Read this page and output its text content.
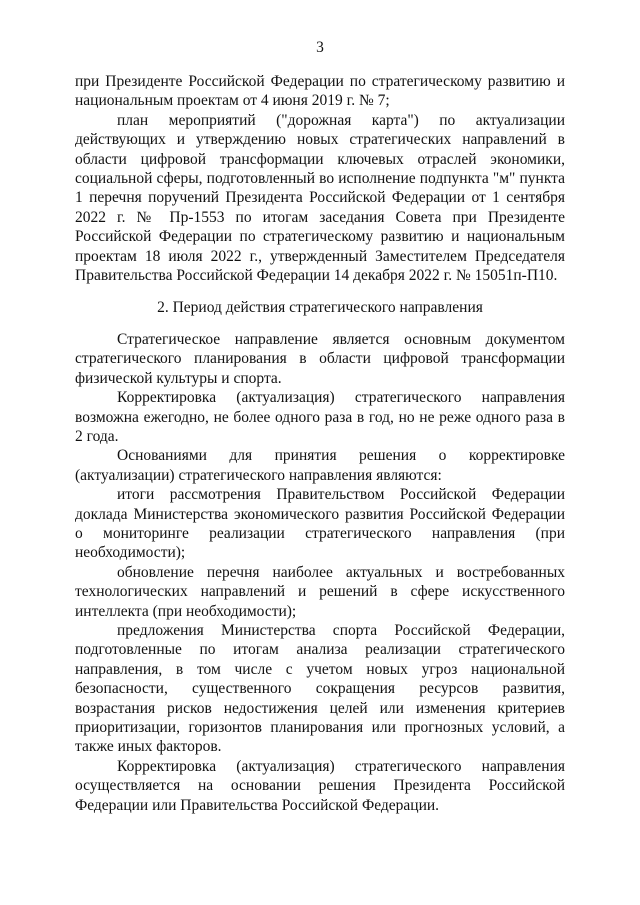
3

при Президенте Российской Федерации по стратегическому развитию и национальным проектам от 4 июня 2019 г. № 7;

план мероприятий ("дорожная карта") по актуализации действующих и утверждению новых стратегических направлений в области цифровой трансформации ключевых отраслей экономики, социальной сферы, подготовленный во исполнение подпункта "м" пункта 1 перечня поручений Президента Российской Федерации от 1 сентября 2022 г. № Пр-1553 по итогам заседания Совета при Президенте Российской Федерации по стратегическому развитию и национальным проектам 18 июля 2022 г., утвержденный Заместителем Председателя Правительства Российской Федерации 14 декабря 2022 г. № 15051п-П10.

2. Период действия стратегического направления

Стратегическое направление является основным документом стратегического планирования в области цифровой трансформации физической культуры и спорта.

Корректировка (актуализация) стратегического направления возможна ежегодно, не более одного раза в год, но не реже одного раза в 2 года.

Основаниями для принятия решения о корректировке (актуализации) стратегического направления являются:

итоги рассмотрения Правительством Российской Федерации доклада Министерства экономического развития Российской Федерации о мониторинге реализации стратегического направления (при необходимости);

обновление перечня наиболее актуальных и востребованных технологических направлений и решений в сфере искусственного интеллекта (при необходимости);

предложения Министерства спорта Российской Федерации, подготовленные по итогам анализа реализации стратегического направления, в том числе с учетом новых угроз национальной безопасности, существенного сокращения ресурсов развития, возрастания рисков недостижения целей или изменения критериев приоритизации, горизонтов планирования или прогнозных условий, а также иных факторов.

Корректировка (актуализация) стратегического направления осуществляется на основании решения Президента Российской Федерации или Правительства Российской Федерации.
